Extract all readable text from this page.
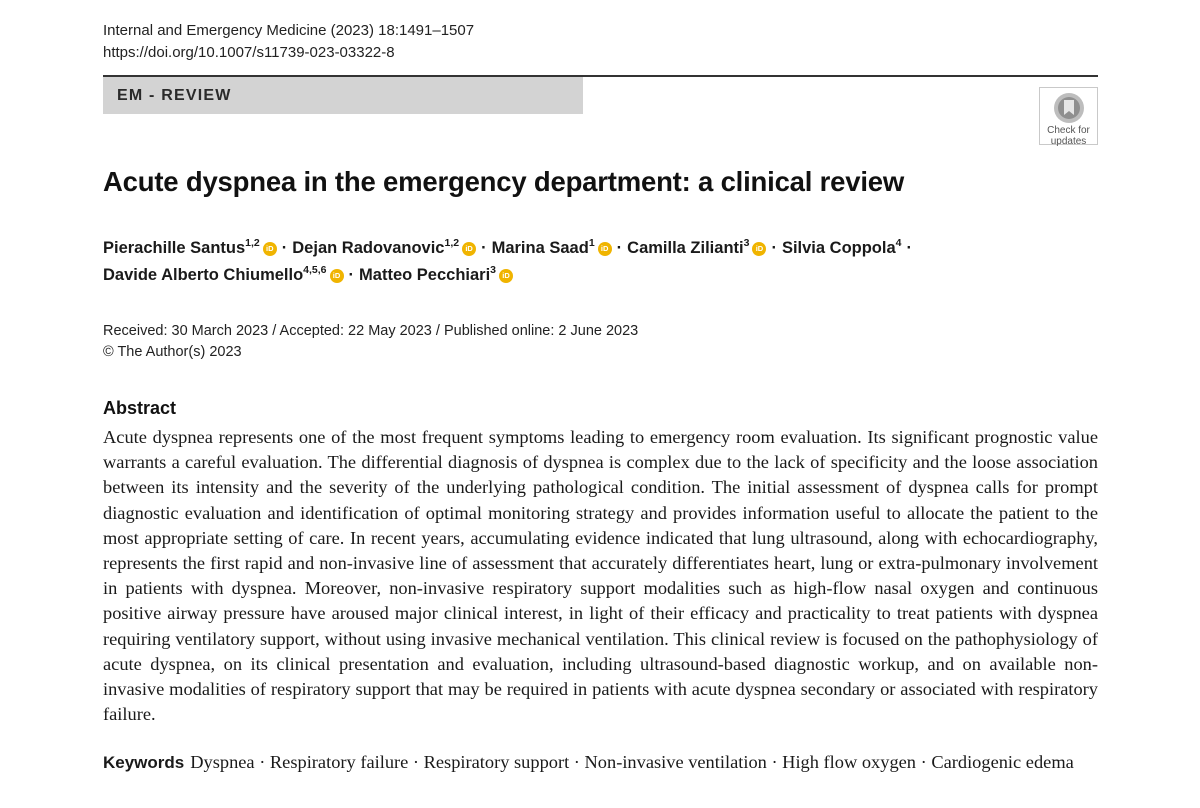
Internal and Emergency Medicine (2023) 18:1491–1507
https://doi.org/10.1007/s11739-023-03322-8
EM - REVIEW
Check for
updates
Acute dyspnea in the emergency department: a clinical review
Pierachille Santus$^{1,2}$ iD · Dejan Radovanovic$^{1,2}$ iD · Marina Saad$^1$ iD · Camilla Zilianti$^3$ iD · Silvia Coppola$^4$ ·
Davide Alberto Chiumello$^{4,5,6}$ iD · Matteo Pecchiari$^3$ iD
Received: 30 March 2023 / Accepted: 22 May 2023 / Published online: 2 June 2023
© The Author(s) 2023
Abstract

Acute dyspnea represents one of the most frequent symptoms leading to emergency room evaluation. Its significant prognostic value warrants a careful evaluation. The differential diagnosis of dyspnea is complex due to the lack of specificity and the loose association between its intensity and the severity of the underlying pathological condition. The initial assessment of dyspnea calls for prompt diagnostic evaluation and identification of optimal monitoring strategy and provides information useful to allocate the patient to the most appropriate setting of care. In recent years, accumulating evidence indicated that lung ultrasound, along with echocardiography, represents the first rapid and non-invasive line of assessment that accurately differentiates heart, lung or extra-pulmonary involvement in patients with dyspnea. Moreover, non-invasive respiratory support modalities such as high-flow nasal oxygen and continuous positive airway pressure have aroused major clinical interest, in light of their efficacy and practicality to treat patients with dyspnea requiring ventilatory support, without using invasive mechanical ventilation. This clinical review is focused on the pathophysiology of acute dyspnea, on its clinical presentation and evaluation, including ultrasound-based diagnostic workup, and on available non-invasive modalities of respiratory support that may be required in patients with acute dyspnea secondary or associated with respiratory failure.

Keywords Dyspnea · Respiratory failure · Respiratory support · Non-invasive ventilation · High flow oxygen · Cardiogenic edema
